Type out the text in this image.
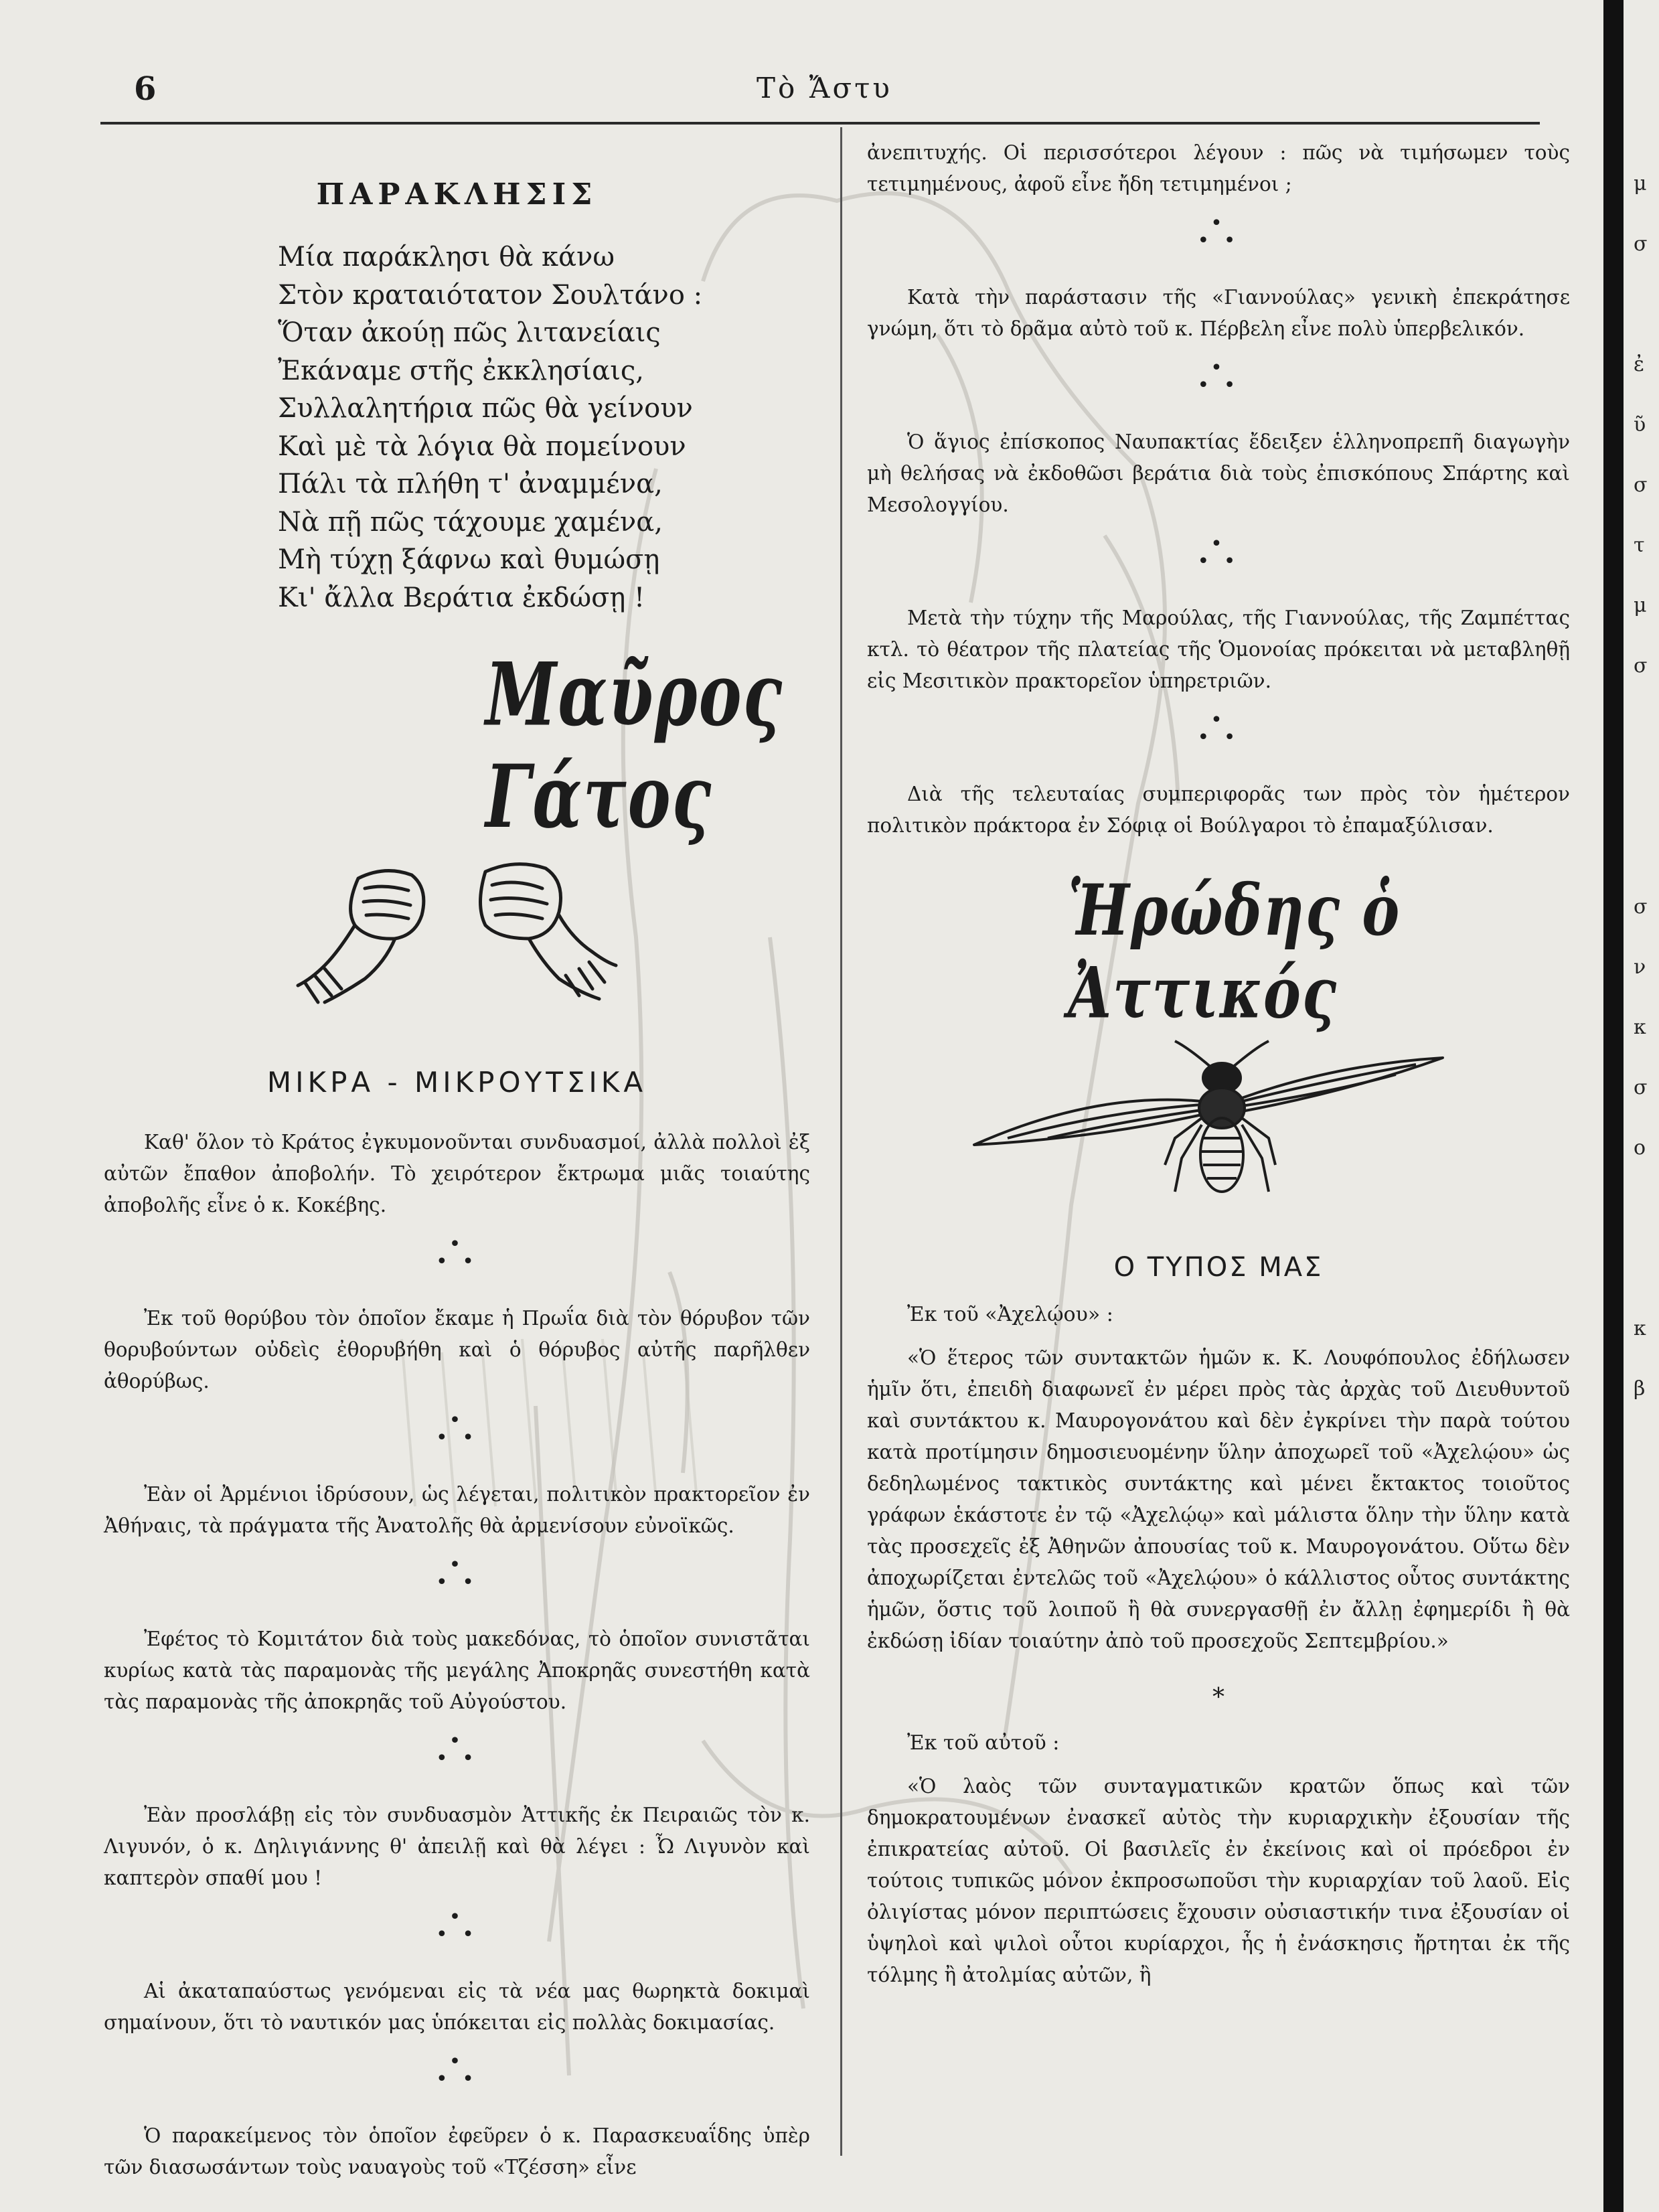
6	Τὸ Ἄστυ
μ
σ

ἐ
ῦ
σ
τ
μ
σ

σ
ν
κ
σ
ο

κ
β
ΠΑΡΑΚΛΗΣΙΣ
Μία παράκλησι θὰ κάνω
Στὸν κραταιότατον Σουλτάνο :
Ὅταν ἀκούῃ πῶς λιτανείαις
Ἐκάναμε στῆς ἐκκλησίαις,
Συλλαλητήρια πῶς θὰ γείνουν
Καὶ μὲ τὰ λόγια θὰ πομείνουν
Πάλι τὰ πλήθη τ' ἀναμμένα,
Νὰ πῇ πῶς τάχουμε χαμένα,
Μὴ τύχῃ ξάφνω καὶ θυμώσῃ
Κι' ἄλλα Βεράτια ἐκδώσῃ !
Μαῦρος Γάτος
ΜΙΚΡΑ - ΜΙΚΡΟΥΤΣΙΚΑ

Καθ' ὅλον τὸ Κράτος ἐγκυμονοῦνται συνδυασμοί, ἀλλὰ πολλοὶ ἐξ αὐτῶν ἔπαθον ἀποβολήν. Τὸ χειρότερον ἔκτρωμα μιᾶς τοιαύτης ἀποβολῆς εἶνε ὁ κ. Κοκέβης.

•
• •

Ἐκ τοῦ θορύβου τὸν ὁποῖον ἔκαμε ἡ Πρωΐα διὰ τὸν θόρυβον τῶν θορυβούντων οὐδεὶς ἐθορυβήθη καὶ ὁ θόρυβος αὐτῆς παρῆλθεν ἀθορύβως.

•
• •

Ἐὰν οἱ Ἀρμένιοι ἱδρύσουν, ὡς λέγεται, πολιτικὸν πρακτορεῖον ἐν Ἀθήναις, τὰ πράγματα τῆς Ἀνατολῆς θὰ ἀρμενίσουν εὐνοϊκῶς.

•
• •

Ἐφέτος τὸ Κομιτάτον διὰ τοὺς μακεδόνας, τὸ ὁποῖον συνιστᾶται κυρίως κατὰ τὰς παραμονὰς τῆς μεγάλης Ἀποκρηᾶς συνεστήθη κατὰ τὰς παραμονὰς τῆς ἀποκρηᾶς τοῦ Αὐγούστου.

•
• •

Ἐὰν προσλάβῃ εἰς τὸν συνδυασμὸν Ἀττικῆς ἐκ Πειραιῶς τὸν κ. Λιγυνόν, ὁ κ. Δηλιγιάννης θ' ἀπειλῇ καὶ θὰ λέγει : Ὦ Λιγυνὸν καὶ καπτερὸν σπαθί μου !

•
• •

Αἱ ἀκαταπαύστως γενόμεναι εἰς τὰ νέα μας θωρηκτὰ δοκιμαὶ σημαίνουν, ὅτι τὸ ναυτικόν μας ὑπόκειται εἰς πολλὰς δοκιμασίας.

•
• •

Ὁ παρακείμενος τὸν ὁποῖον ἐφεῦρεν ὁ κ. Παρασκευαΐδης ὑπὲρ τῶν διασωσάντων τοὺς ναυαγοὺς τοῦ «Τζέσση» εἶνε

ἀνεπιτυχής. Οἱ περισσότεροι λέγουν : πῶς νὰ τιμήσωμεν τοὺς τετιμημένους, ἀφοῦ εἶνε ἤδη τετιμημένοι ;

•
• •

Κατὰ τὴν παράστασιν τῆς «Γιαννούλας» γενικὴ ἐπεκράτησε γνώμη, ὅτι τὸ δρᾶμα αὐτὸ τοῦ κ. Πέρβελη εἶνε πολὺ ὑπερβελικόν.

•
• •

Ὁ ἅγιος ἐπίσκοπος Ναυπακτίας ἔδειξεν ἑλληνοπρεπῆ διαγωγὴν μὴ θελήσας νὰ ἐκδοθῶσι βεράτια διὰ τοὺς ἐπισκόπους Σπάρτης καὶ Μεσολογγίου.

•
• •

Μετὰ τὴν τύχην τῆς Μαρούλας, τῆς Γιαννούλας, τῆς Ζαμπέττας κτλ. τὸ θέατρον τῆς πλατείας τῆς Ὁμονοίας πρόκειται νὰ μεταβληθῇ εἰς Μεσιτικὸν πρακτορεῖον ὑπηρετριῶν.

•
• •

Διὰ τῆς τελευταίας συμπεριφορᾶς των πρὸς τὸν ἡμέτερον πολιτικὸν πράκτορα ἐν Σόφιᾳ οἱ Βούλγαροι τὸ ἐπαμαξύλισαν.

Ἡρώδης ὁ Ἀττικός
Ο ΤΥΠΟΣ ΜΑΣ
Ἐκ τοῦ «Ἀχελῴου» :

«Ὁ ἕτερος τῶν συντακτῶν ἡμῶν κ. Κ. Λουφόπουλος ἐδήλωσεν ἡμῖν ὅτι, ἐπειδὴ διαφωνεῖ ἐν μέρει πρὸς τὰς ἀρχὰς τοῦ Διευθυντοῦ καὶ συντάκτου κ. Μαυρογονάτου καὶ δὲν ἐγκρίνει τὴν παρὰ τούτου κατὰ προτίμησιν δημοσιευομένην ὕλην ἀποχωρεῖ τοῦ «Ἀχελῴου» ὡς δεδηλωμένος τακτικὸς συντάκτης καὶ μένει ἔκτακτος τοιοῦτος γράφων ἑκάστοτε ἐν τῷ «Ἀχελῴῳ» καὶ μάλιστα ὅλην τὴν ὕλην κατὰ τὰς προσεχεῖς ἐξ Ἀθηνῶν ἀπουσίας τοῦ κ. Μαυρογονάτου. Οὕτω δὲν ἀποχωρίζεται ἐντελῶς τοῦ «Ἀχελῴου» ὁ κάλλιστος οὗτος συντάκτης ἡμῶν, ὅστις τοῦ λοιποῦ ἢ θὰ συνεργασθῇ ἐν ἄλλῃ ἐφημερίδι ἢ θὰ ἐκδώσῃ ἰδίαν τοιαύτην ἀπὸ τοῦ προσεχοῦς Σεπτεμβρίου.»

*
Ἐκ τοῦ αὐτοῦ :

«Ὁ λαὸς τῶν συνταγματικῶν κρατῶν ὅπως καὶ τῶν δημοκρατουμένων ἐνασκεῖ αὐτὸς τὴν κυριαρχικὴν ἐξουσίαν τῆς ἐπικρατείας αὐτοῦ. Οἱ βασιλεῖς ἐν ἐκείνοις καὶ οἱ πρόεδροι ἐν τούτοις τυπικῶς μόνον ἐκπροσωποῦσι τὴν κυριαρχίαν τοῦ λαοῦ. Εἰς ὀλιγίστας μόνον περιπτώσεις ἔχουσιν οὐσιαστικήν τινα ἐξουσίαν οἱ ὑψηλοὶ καὶ ψιλοὶ οὗτοι κυρίαρχοι, ἧς ἡ ἐνάσκησις ἤρτηται ἐκ τῆς τόλμης ἢ ἀτολμίας αὐτῶν, ἢ
